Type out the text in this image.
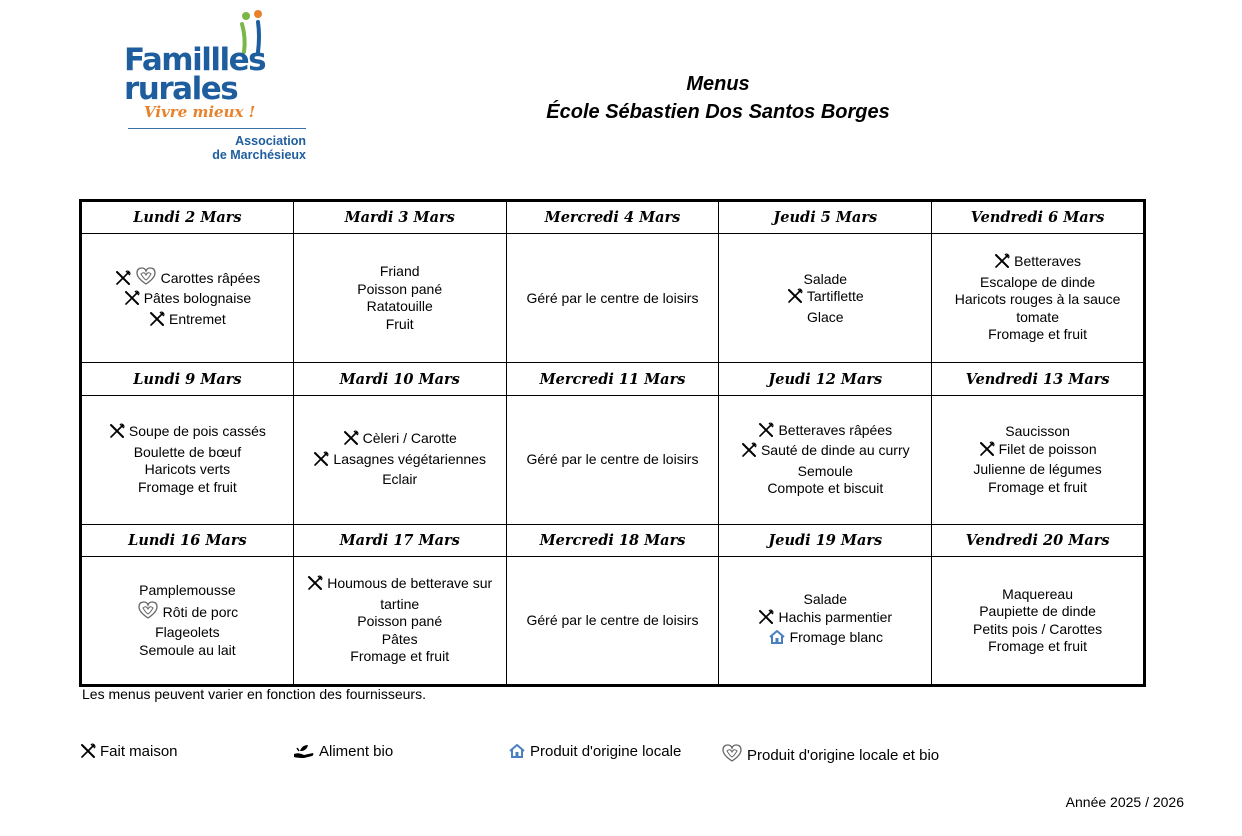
Famillles
rurales
Vivre mieux !
Association
de Marchésieux
Menus
École Sébastien Dos Santos Borges
Lundi 2 Mars	Mardi 3 Mars	Mercredi 4 Mars	Jeudi 5 Mars	Vendredi 6 Mars

Carottes râpées
Pâtes bolognaise
Entremet	Friand
Poisson pané
Ratatouille
Fruit	Géré par le centre de loisirs	Salade
Tartiflette
Glace	Betteraves
Escalope de dinde
Haricots rouges à la sauce tomate
Fromage et fruit

Lundi 9 Mars	Mardi 10 Mars	Mercredi 11 Mars	Jeudi 12 Mars	Vendredi 13 Mars

Soupe de pois cassés
Boulette de bœuf
Haricots verts
Fromage et fruit	Cèleri / Carotte
Lasagnes végétariennes
Eclair	Géré par le centre de loisirs	Betteraves râpées
Sauté de dinde au curry
Semoule
Compote et biscuit	Saucisson
Filet de poisson
Julienne de légumes
Fromage et fruit

Lundi 16 Mars	Mardi 17 Mars	Mercredi 18 Mars	Jeudi 19 Mars	Vendredi 20 Mars

Pamplemousse
Rôti de porc
Flageolets
Semoule au lait	Houmous de betterave sur tartine
Poisson pané
Pâtes
Fromage et fruit	Géré par le centre de loisirs	Salade
Hachis parmentier
Fromage blanc	Maquereau
Paupiette de dinde
Petits pois / Carottes
Fromage et fruit
Les menus peuvent varier en fonction des fournisseurs.
Fait maison	Aliment bio	Produit d'origine locale	Produit d'origine locale et bio
Année 2025 / 2026
